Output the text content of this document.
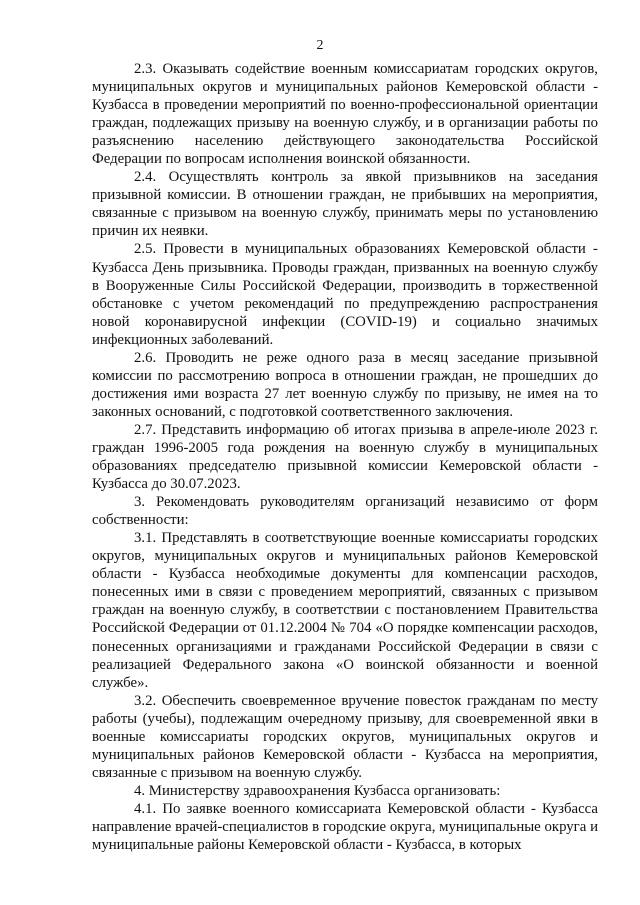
2

2.3. Оказывать содействие военным комиссариатам городских округов, муниципальных округов и муниципальных районов Кемеровской области - Кузбасса в проведении мероприятий по военно-профессиональной ориентации граждан, подлежащих призыву на военную службу, и в организации работы по разъяснению населению действующего законодательства Российской Федерации по вопросам исполнения воинской обязанности.

2.4. Осуществлять контроль за явкой призывников на заседания призывной комиссии. В отношении граждан, не прибывших на мероприятия, связанные с призывом на военную службу, принимать меры по установлению причин их неявки.

2.5. Провести в муниципальных образованиях Кемеровской области - Кузбасса День призывника. Проводы граждан, призванных на военную службу в Вооруженные Силы Российской Федерации, производить в торжественной обстановке с учетом рекомендаций по предупреждению распространения новой коронавирусной инфекции (COVID-19) и социально значимых инфекционных заболеваний.

2.6. Проводить не реже одного раза в месяц заседание призывной комиссии по рассмотрению вопроса в отношении граждан, не прошедших до достижения ими возраста 27 лет военную службу по призыву, не имея на то законных оснований, с подготовкой соответственного заключения.

2.7. Представить информацию об итогах призыва в апреле-июле 2023 г. граждан 1996-2005 года рождения на военную службу в муниципальных образованиях председателю призывной комиссии Кемеровской области - Кузбасса до 30.07.2023.

3. Рекомендовать руководителям организаций независимо от форм собственности:

3.1. Представлять в соответствующие военные комиссариаты городских округов, муниципальных округов и муниципальных районов Кемеровской области - Кузбасса необходимые документы для компенсации расходов, понесенных ими в связи с проведением мероприятий, связанных с призывом граждан на военную службу, в соответствии с постановлением Правительства Российской Федерации от 01.12.2004 № 704 «О порядке компенсации расходов, понесенных организациями и гражданами Российской Федерации в связи с реализацией Федерального закона «О воинской обязанности и военной службе».

3.2. Обеспечить своевременное вручение повесток гражданам по месту работы (учебы), подлежащим очередному призыву, для своевременной явки в военные комиссариаты городских округов, муниципальных округов и муниципальных районов Кемеровской области - Кузбасса на мероприятия, связанные с призывом на военную службу.

4. Министерству здравоохранения Кузбасса организовать:

4.1. По заявке военного комиссариата Кемеровской области - Кузбасса направление врачей-специалистов в городские округа, муниципальные округа и муниципальные районы Кемеровской области - Кузбасса, в которых
